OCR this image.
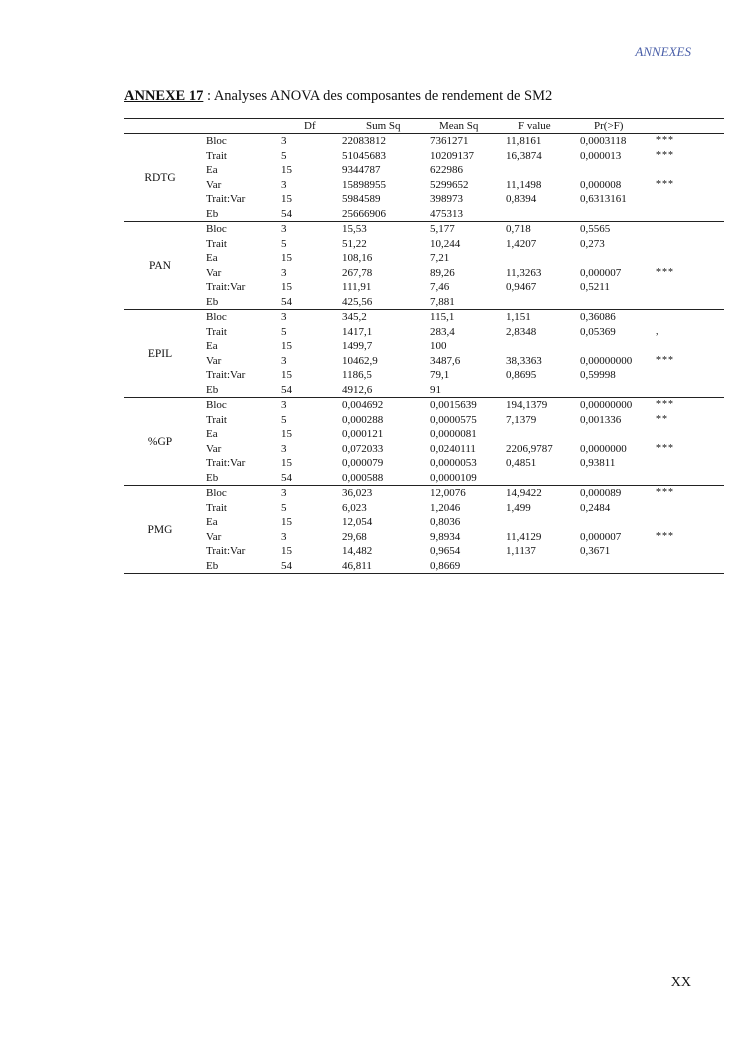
ANNEXES
ANNEXE 17 : Analyses ANOVA des composantes de rendement de SM2
Df	Sum Sq	Mean Sq	F value	Pr(>F)
RDTG
Bloc	3	22083812	7361271	11,8161	0,0003118	***
Trait	5	51045683	10209137	16,3874	0,000013	***
Ea	15	9344787	622986
Var	3	15898955	5299652	11,1498	0,000008	***
Trait:Var	15	5984589	398973	0,8394	0,6313161
Eb	54	25666906	475313
PAN
Bloc	3	15,53	5,177	0,718	0,5565
Trait	5	51,22	10,244	1,4207	0,273
Ea	15	108,16	7,21
Var	3	267,78	89,26	11,3263	0,000007	***
Trait:Var	15	111,91	7,46	0,9467	0,5211
Eb	54	425,56	7,881
EPIL
Bloc	3	345,2	115,1	1,151	0,36086
Trait	5	1417,1	283,4	2,8348	0,05369	,
Ea	15	1499,7	100
Var	3	10462,9	3487,6	38,3363	0,00000000 ***
Trait:Var	15	1186,5	79,1	0,8695	0,59998
Eb	54	4912,6	91
%GP
Bloc	3	0,004692	0,0015639	194,1379	0,00000000 ***
Trait	5	0,000288	0,0000575	7,1379	0,001336	**
Ea	15	0,000121	0,0000081
Var	3	0,072033	0,0240111	2206,9787 0,0000000	***
Trait:Var	15	0,000079	0,0000053	0,4851	0,93811
Eb	54	0,000588	0,0000109
PMG
Bloc	3	36,023	12,0076	14,9422	0,000089	***
Trait	5	6,023	1,2046	1,499	0,2484
Ea	15	12,054	0,8036
Var	3	29,68	9,8934	11,4129	0,000007	***
Trait:Var	15	14,482	0,9654	1,1137	0,3671
Eb	54	46,811	0,8669
XX
